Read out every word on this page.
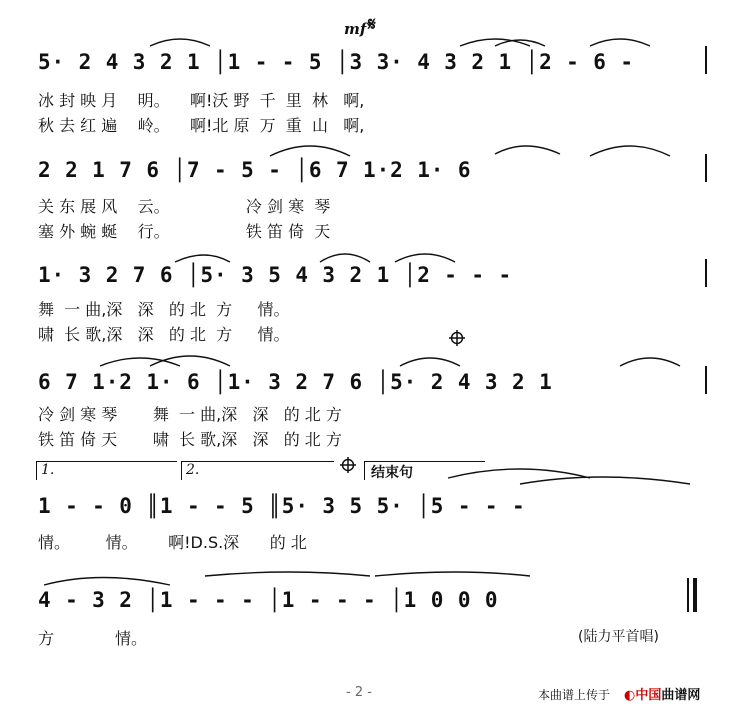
mf 𝄋
5· 2 4 3 2 1 │1 - - 5 │3 3· 4 3 2 1 │2 - 6 -
冰 封 映 月    明。    啊!沃 野  千  里  林   啊,
秋 去 红 遍    岭。    啊!北 原  万  重  山   啊,
2 2 1 7 6 │7 - 5 - │6 7 1·2 1· 6
关 东 展 风    云。               冷 剑 寒  琴
塞 外 蜿 蜒    行。               铁 笛 倚  天
1· 3 2 7 6 │5· 3 5 4 3 2 1 │2 - - -
舞  一 曲,深   深   的 北  方     情。
啸  长 歌,深   深   的 北  方     情。
6 7 1·2 1· 6 │1· 3 2 7 6 │5· 2 4 3 2 1
冷 剑 寒 琴       舞  一 曲,深   深   的 北 方
铁 笛 倚 天       啸  长 歌,深   深   的 北 方
1.	2.	结束句
1 - - 0 ║1 - - 5 ║5· 3 5 5· │5 - - -
情。       情。      啊!D.S.深      的 北
4 - 3 2 │1 - - - │1 - - - │1 0 0 0
方            情。	(陆力平首唱)
- 2 -	本曲谱上传于 ◐中国曲谱网
